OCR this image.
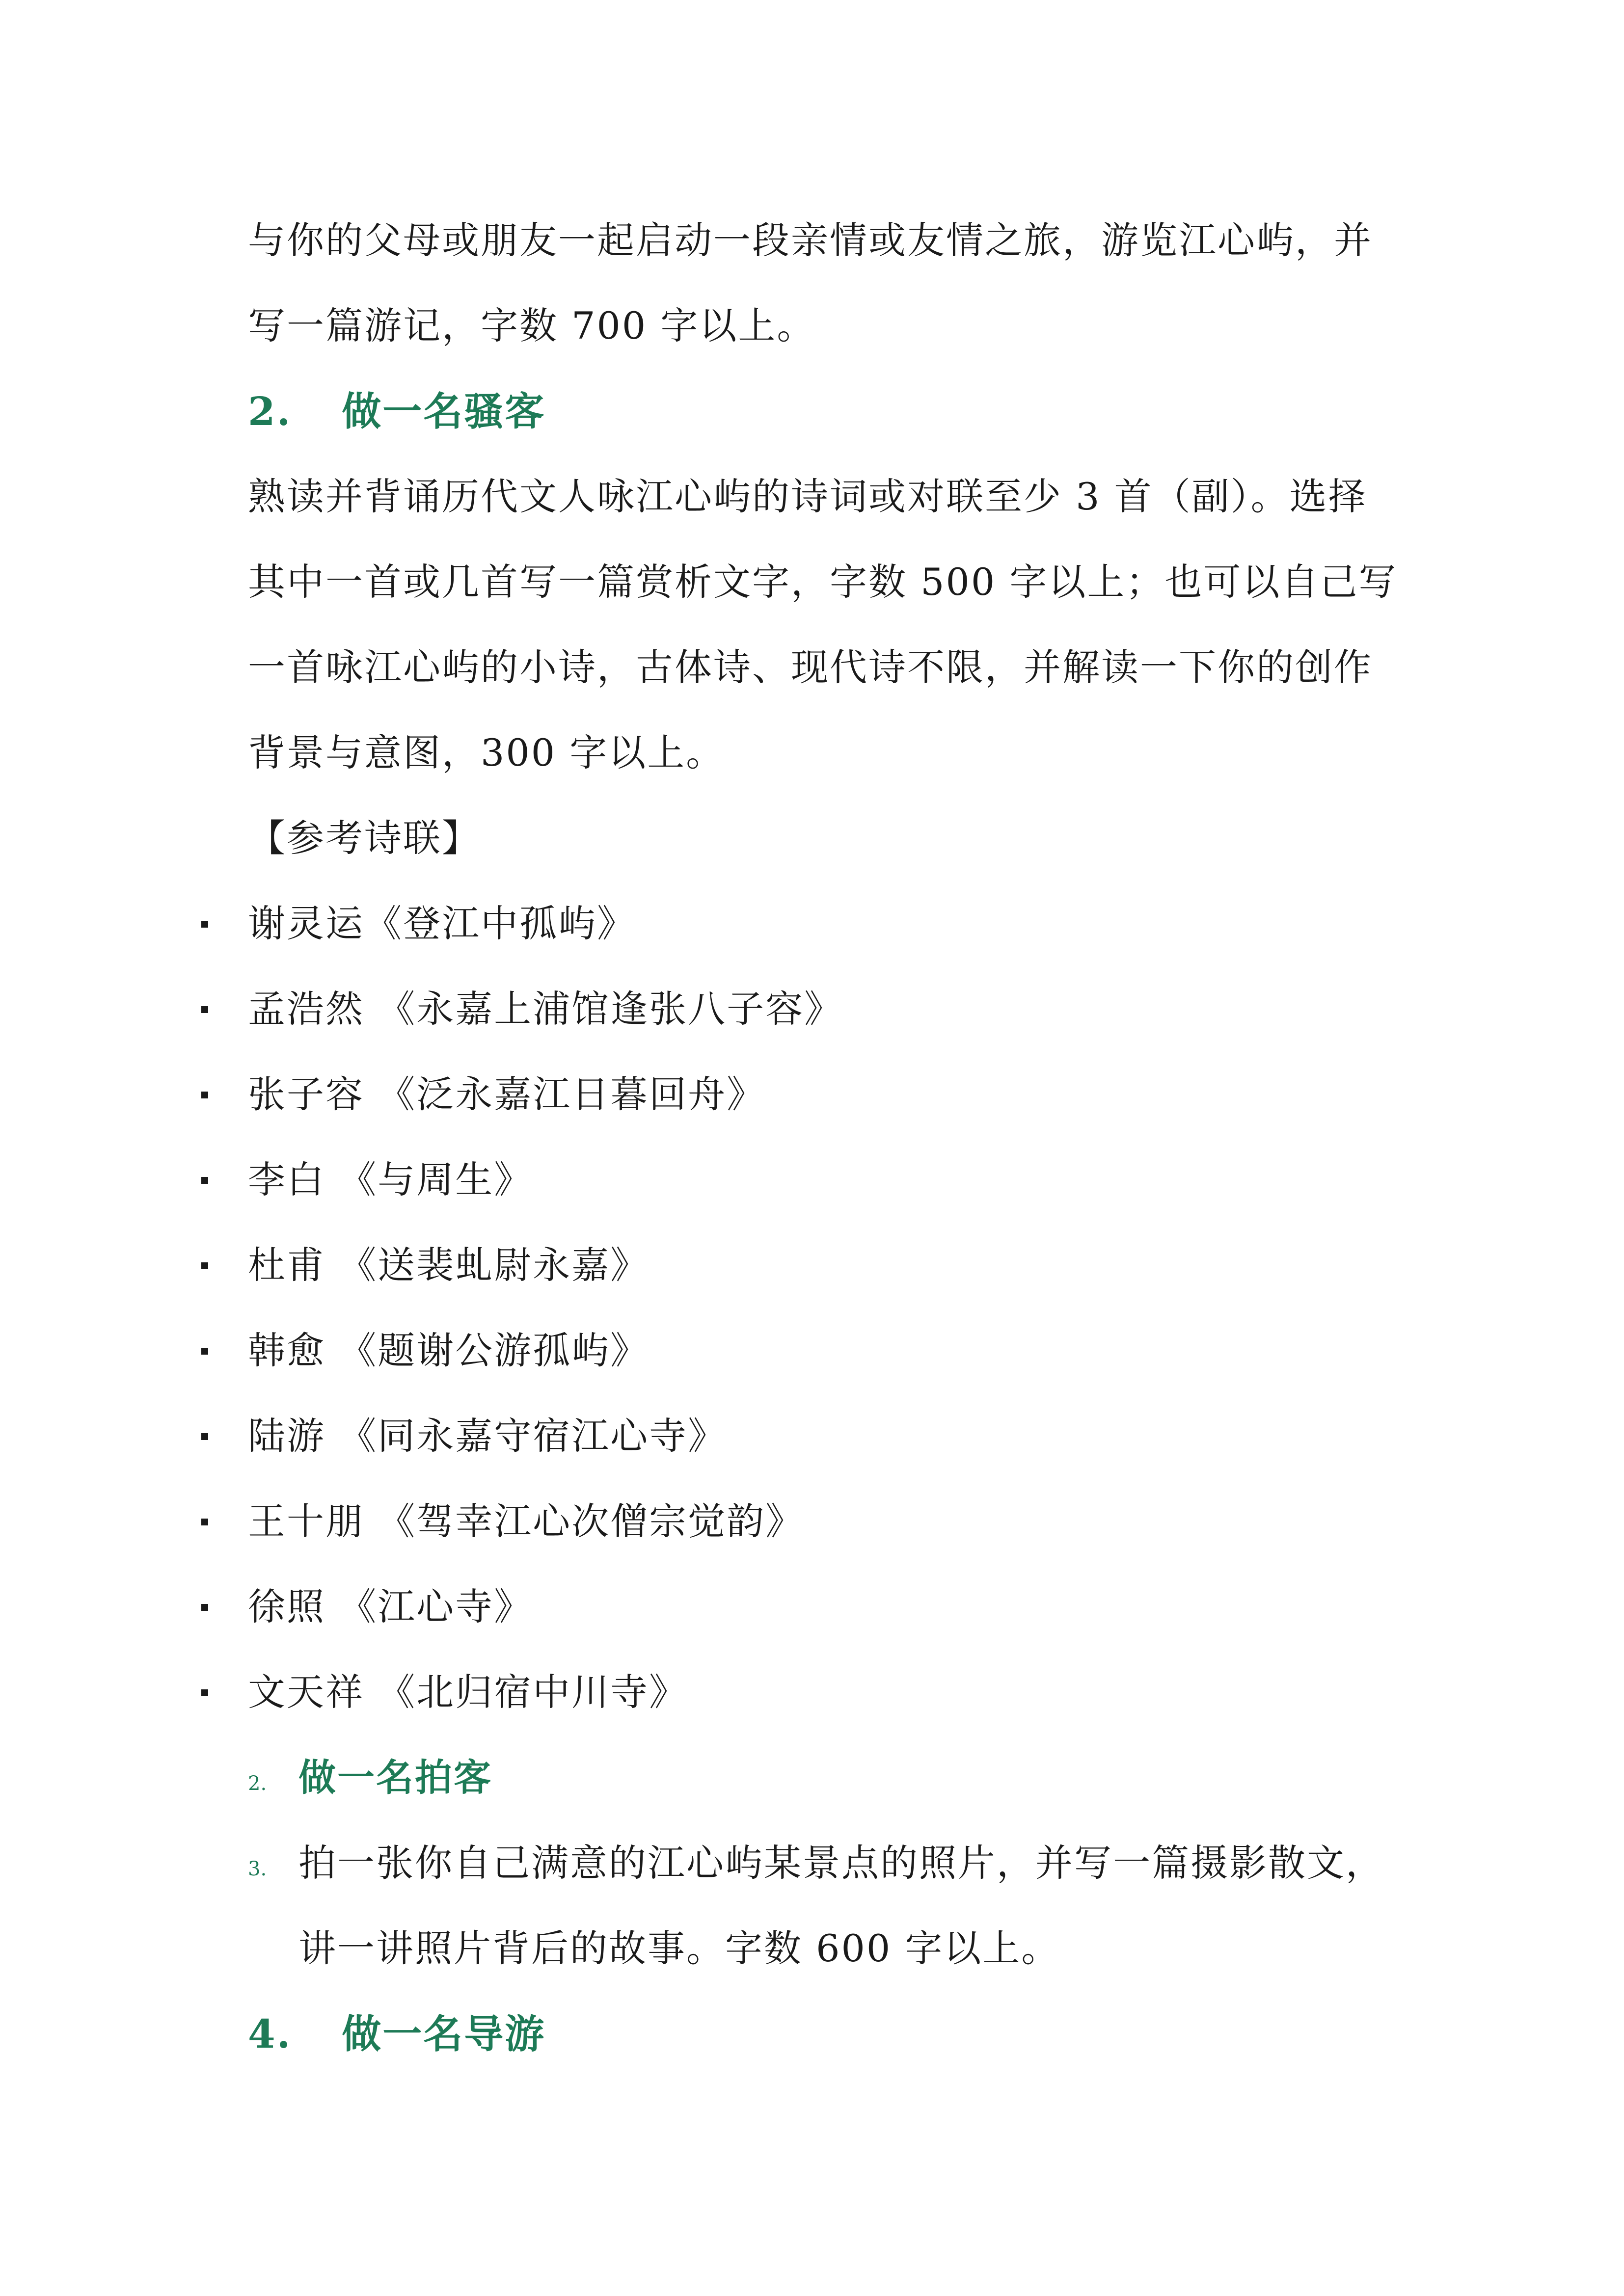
与你的父母或朋友一起启动一段亲情或友情之旅，游览江心屿，并
写一篇游记，字数 700 字以上。
2. 做一名骚客
熟读并背诵历代文人咏江心屿的诗词或对联至少 3 首（副）。选择
其中一首或几首写一篇赏析文字，字数 500 字以上；也可以自己写
一首咏江心屿的小诗，古体诗、现代诗不限，并解读一下你的创作
背景与意图，300 字以上。
【参考诗联】
谢灵运《登江中孤屿》
孟浩然 《永嘉上浦馆逢张八子容》
张子容 《泛永嘉江日暮回舟》
李白 《与周生》
杜甫 《送裴虬尉永嘉》
韩愈 《题谢公游孤屿》
陆游 《同永嘉守宿江心寺》
王十朋 《驾幸江心次僧宗觉韵》
徐照 《江心寺》
文天祥 《北归宿中川寺》
2. 做一名拍客
3. 拍一张你自己满意的江心屿某景点的照片，并写一篇摄影散文，
讲一讲照片背后的故事。字数 600 字以上。
4. 做一名导游
